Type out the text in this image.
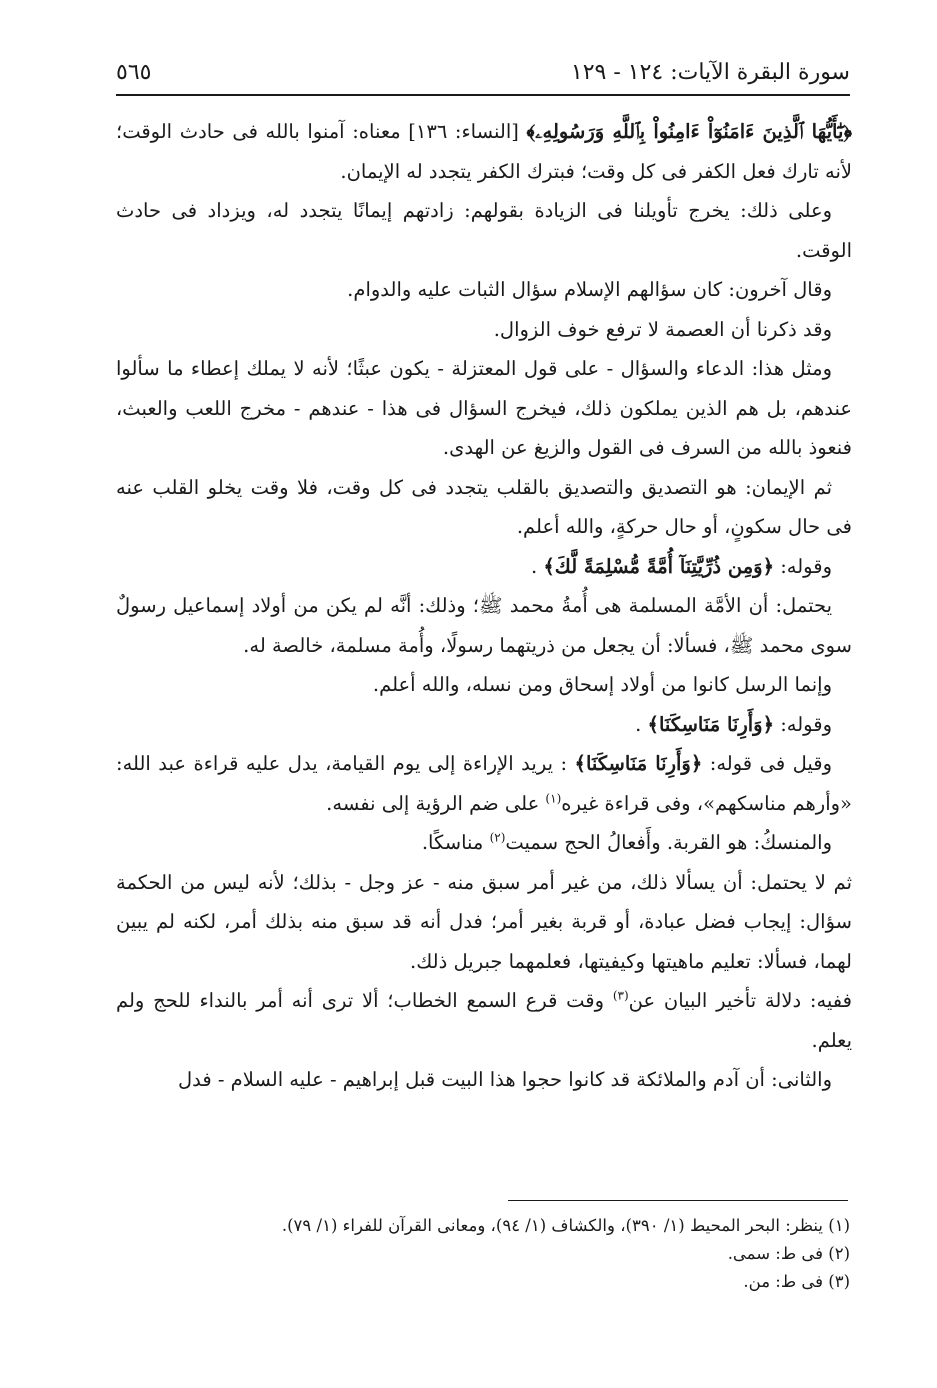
سورة البقرة الآيات: ١٢٤ - ١٢٩
٥٦٥

﴿يَٰٓأَيُّهَا ٱلَّذِينَ ءَامَنُوٓاْ ءَامِنُواْ بِٱللَّهِ وَرَسُولِهِۦ﴾ [النساء: ١٣٦] معناه: آمنوا بالله فى حادث الوقت؛ لأنه تارك فعل الكفر فى كل وقت؛ فبترك الكفر يتجدد له الإيمان.

وعلى ذلك: يخرج تأويلنا فى الزيادة بقولهم: زادتهم إيمانًا يتجدد له، ويزداد فى حادث الوقت.

وقال آخرون: كان سؤالهم الإسلام سؤال الثبات عليه والدوام.

وقد ذكرنا أن العصمة لا ترفع خوف الزوال.

ومثل هذا: الدعاء والسؤال - على قول المعتزلة - يكون عبثًا؛ لأنه لا يملك إعطاء ما سألوا عندهم، بل هم الذين يملكون ذلك، فيخرج السؤال فى هذا - عندهم - مخرج اللعب والعبث، فنعوذ بالله من السرف فى القول والزيغ عن الهدى.

ثم الإيمان: هو التصديق والتصديق بالقلب يتجدد فى كل وقت، فلا وقت يخلو القلب عنه فى حال سكونٍ، أو حال حركةٍ، والله أعلم.

وقوله: ﴿وَمِن ذُرِّيَّتِنَآ أُمَّةً مُّسْلِمَةً لَّكَ﴾ .

يحتمل: أن الأمَّة المسلمة هى أُمةُ محمد ﷺ؛ وذلك: أنَّه لم يكن من أولاد إسماعيل رسولٌ سوى محمد ﷺ، فسألا: أن يجعل من ذريتهما رسولًا، وأُمة مسلمة، خالصة له.

وإنما الرسل كانوا من أولاد إسحاق ومن نسله، والله أعلم.

وقوله: ﴿وَأَرِنَا مَنَاسِكَنَا﴾ .

وقيل فى قوله: ﴿وَأَرِنَا مَنَاسِكَنَا﴾ : يريد الإراءة إلى يوم القيامة، يدل عليه قراءة عبد الله: «وأرهم مناسكهم»، وفى قراءة غيره$^{(١)}$ على ضم الرؤية إلى نفسه.

والمنسكُ: هو القربة. وأَفعالُ الحج سميت$^{(٢)}$ مناسكًا.

ثم لا يحتمل: أن يسألا ذلك، من غير أمر سبق منه - عز وجل - بذلك؛ لأنه ليس من الحكمة سؤال: إيجاب فضل عبادة، أو قربة بغير أمر؛ فدل أنه قد سبق منه بذلك أمر، لكنه لم يبين لهما، فسألا: تعليم ماهيتها وكيفيتها، فعلمهما جبريل ذلك.

ففيه: دلالة تأخير البيان عن$^{(٣)}$ وقت قرع السمع الخطاب؛ ألا ترى أنه أمر بالنداء للحج ولم يعلم.

والثانى: أن آدم والملائكة قد كانوا حجوا هذا البيت قبل إبراهيم - عليه السلام - فدل

(١) ينظر: البحر المحيط (١/ ٣٩٠)، والكشاف (١/ ٩٤)، ومعانى القرآن للفراء (١/ ٧٩).
(٢) فى ط: سمى.
(٣) فى ط: من.
